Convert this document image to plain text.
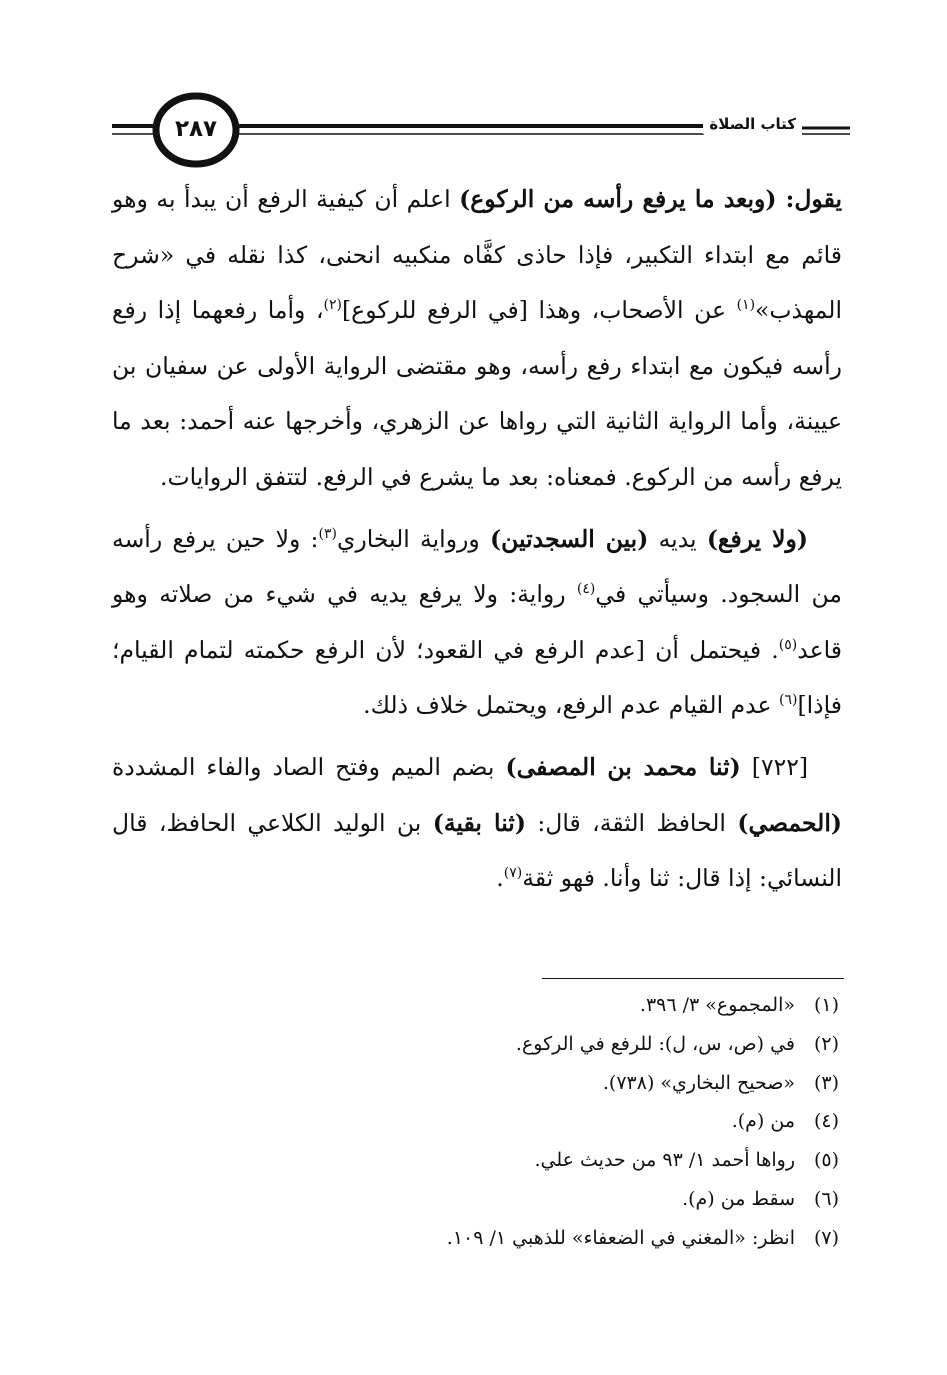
٢٨٧	كتاب الصلاة

يقول: (وبعد ما يرفع رأسه من الركوع) اعلم أن كيفية الرفع أن يبدأ به وهو قائم مع ابتداء التكبير، فإذا حاذى كفَّاه منكبيه انحنى، كذا نقله في «شرح المهذب»$^{(١)}$ عن الأصحاب، وهذا [في الرفع للركوع]$^{(٢)}$، وأما رفعهما إذا رفع رأسه فيكون مع ابتداء رفع رأسه، وهو مقتضى الرواية الأولى عن سفيان بن عيينة، وأما الرواية الثانية التي رواها عن الزهري، وأخرجها عنه أحمد: بعد ما يرفع رأسه من الركوع. فمعناه: بعد ما يشرع في الرفع. لتتفق الروايات.

(ولا يرفع) يديه (بين السجدتين) ورواية البخاري$^{(٣)}$: ولا حين يرفع رأسه من السجود. وسيأتي في$^{(٤)}$ رواية: ولا يرفع يديه في شيء من صلاته وهو قاعد$^{(٥)}$. فيحتمل أن [عدم الرفع في القعود؛ لأن الرفع حكمته لتمام القيام؛ فإذا]$^{(٦)}$ عدم القيام عدم الرفع، ويحتمل خلاف ذلك.

[٧٢٢] (ثنا محمد بن المصفى) بضم الميم وفتح الصاد والفاء المشددة (الحمصي) الحافظ الثقة، قال: (ثنا بقية) بن الوليد الكلاعي الحافظ، قال النسائي: إذا قال: ثنا وأنا. فهو ثقة$^{(٧)}$.

(١)«المجموع» ٣/ ٣٩٦.
(٢)في (ص، س، ل): للرفع في الركوع.
(٣)«صحيح البخاري» (٧٣٨).
(٤)من (م).
(٥)رواها أحمد ١/ ٩٣ من حديث علي.
(٦)سقط من (م).
(٧)انظر: «المغني في الضعفاء» للذهبي ١/ ١٠٩.
